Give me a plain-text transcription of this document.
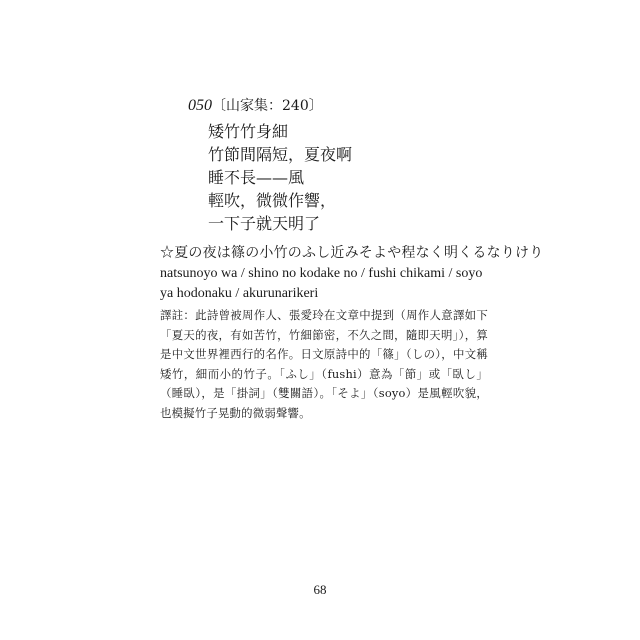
050〔山家集：240〕
矮竹竹身細
竹節間隔短，夏夜啊
睡不長——風
輕吹，微微作響，
一下子就天明了
☆夏の夜は篠の小竹のふし近みそよや程なく明くるなりけり
natsunoyo wa / shino no kodake no / fushi chikami / soyo ya hodonaku / akurunarikeri
譯註：此詩曾被周作人、張愛玲在文章中提到（周作人意譯如下「夏天的夜，有如苦竹，竹細節密，不久之間，隨即天明」），算是中文世界裡西行的名作。日文原詩中的「篠」（しの），中文稱矮竹，細而小的竹子。「ふし」（fushi）意為「節」或「臥し」（睡臥），是「掛詞」（雙關語）。「そよ」（soyo）是風輕吹貌，也模擬竹子晃動的微弱聲響。
68
